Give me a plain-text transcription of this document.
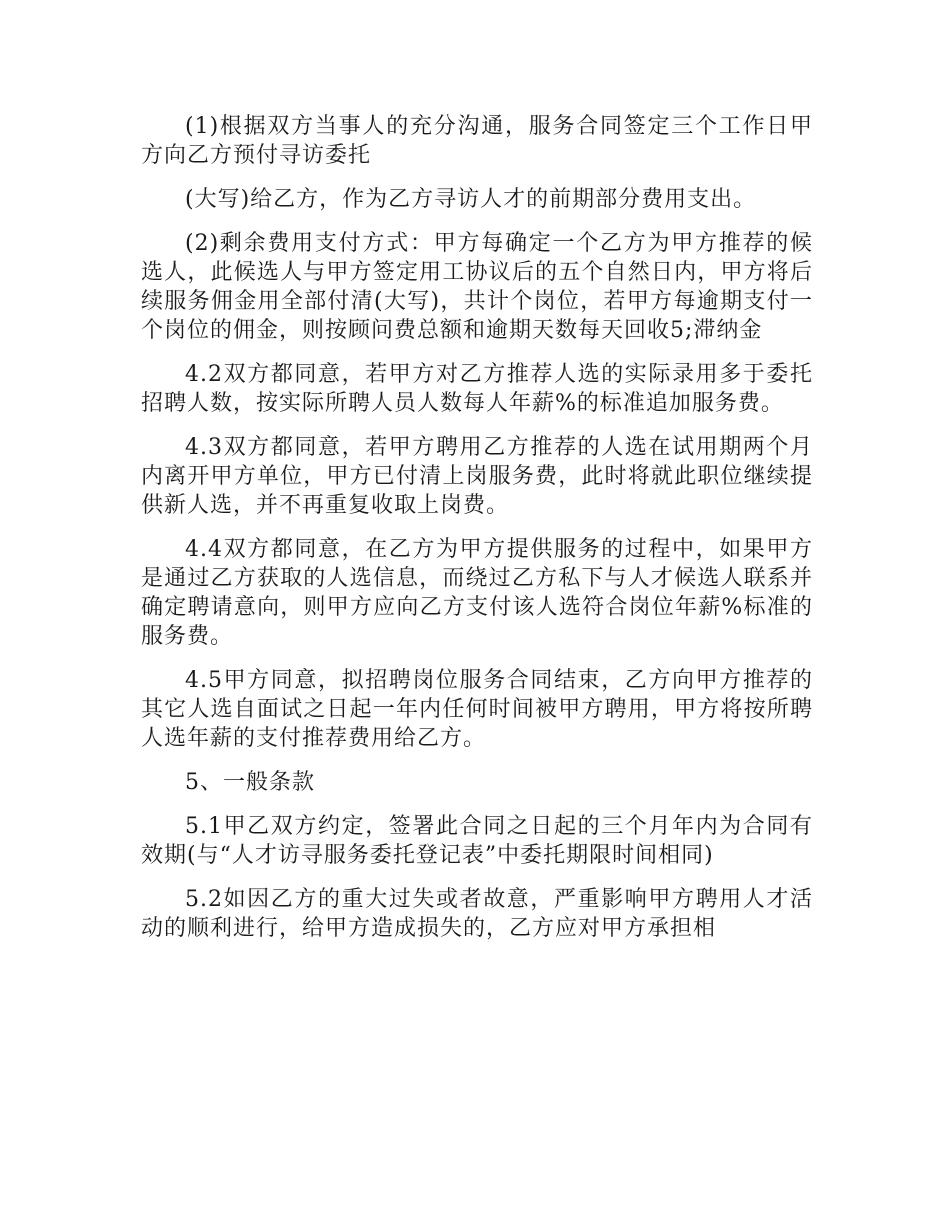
(1)根据双方当事人的充分沟通，服务合同签定三个工作日甲方向乙方预付寻访委托

(大写)给乙方，作为乙方寻访人才的前期部分费用支出。

(2)剩余费用支付方式：甲方每确定一个乙方为甲方推荐的候选人，此候选人与甲方签定用工协议后的五个自然日内，甲方将后续服务佣金用全部付清(大写)，共计个岗位，若甲方每逾期支付一个岗位的佣金，则按顾问费总额和逾期天数每天回收5;滞纳金

4.2双方都同意，若甲方对乙方推荐人选的实际录用多于委托招聘人数，按实际所聘人员人数每人年薪%的标准追加服务费。

4.3双方都同意，若甲方聘用乙方推荐的人选在试用期两个月内离开甲方单位，甲方已付清上岗服务费，此时将就此职位继续提供新人选，并不再重复收取上岗费。

4.4双方都同意，在乙方为甲方提供服务的过程中，如果甲方是通过乙方获取的人选信息，而绕过乙方私下与人才候选人联系并确定聘请意向，则甲方应向乙方支付该人选符合岗位年薪%标准的服务费。

4.5甲方同意，拟招聘岗位服务合同结束，乙方向甲方推荐的其它人选自面试之日起一年内任何时间被甲方聘用，甲方将按所聘人选年薪的支付推荐费用给乙方。

5、一般条款

5.1甲乙双方约定，签署此合同之日起的三个月年内为合同有效期(与“人才访寻服务委托登记表”中委托期限时间相同)

5.2如因乙方的重大过失或者故意，严重影响甲方聘用人才活动的顺利进行，给甲方造成损失的，乙方应对甲方承担相
